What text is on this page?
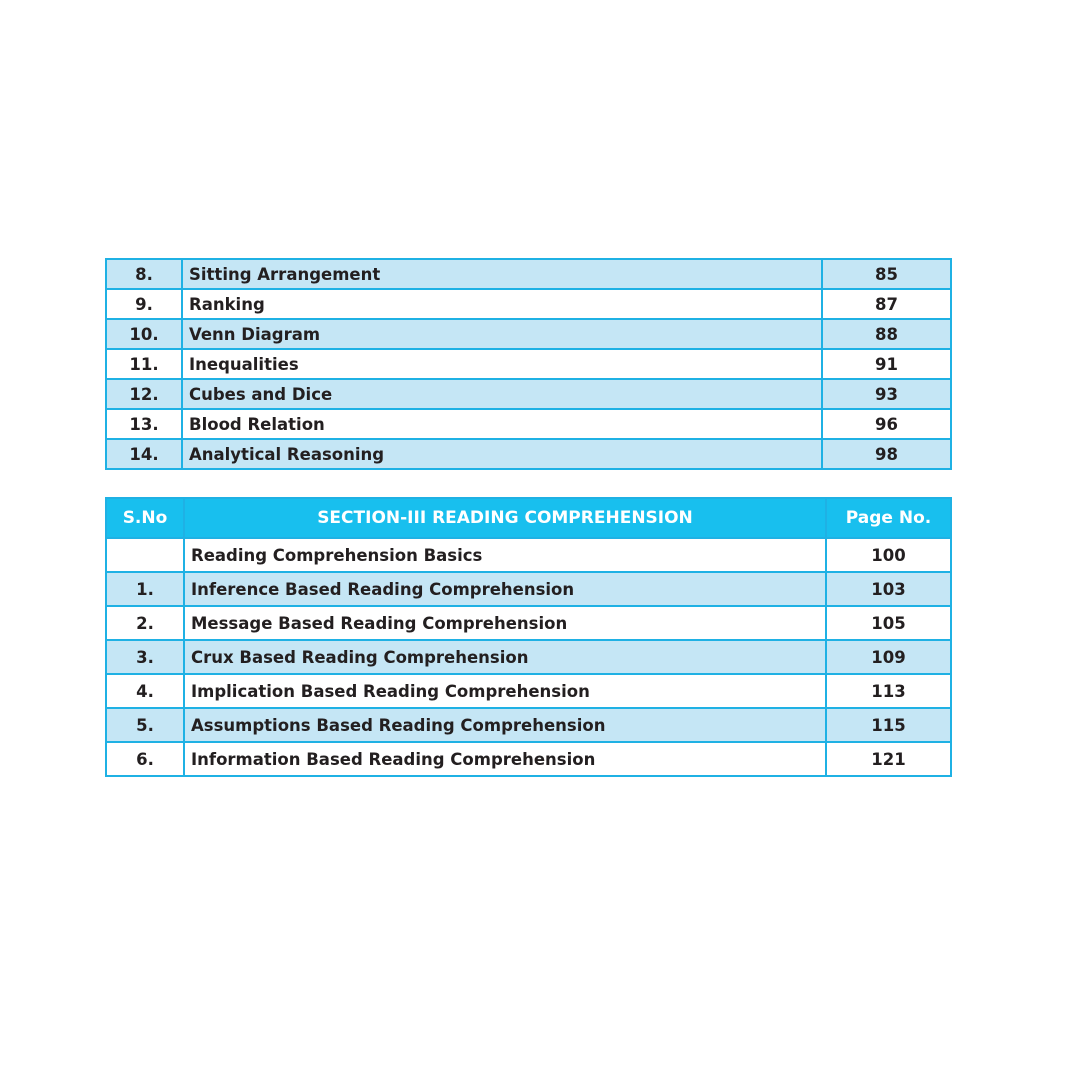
8.	Sitting Arrangement	85
9.	Ranking	87
10.	Venn Diagram	88
11.	Inequalities	91
12.	Cubes and Dice	93
13.	Blood Relation	96
14.	Analytical Reasoning	98
S.No	SECTION-III READING COMPREHENSION	Page No.
	Reading Comprehension Basics	100
1.	Inference Based Reading Comprehension	103
2.	Message Based Reading Comprehension	105
3.	Crux Based Reading Comprehension	109
4.	Implication Based Reading Comprehension	113
5.	Assumptions Based Reading Comprehension	115
6.	Information Based Reading Comprehension	121
